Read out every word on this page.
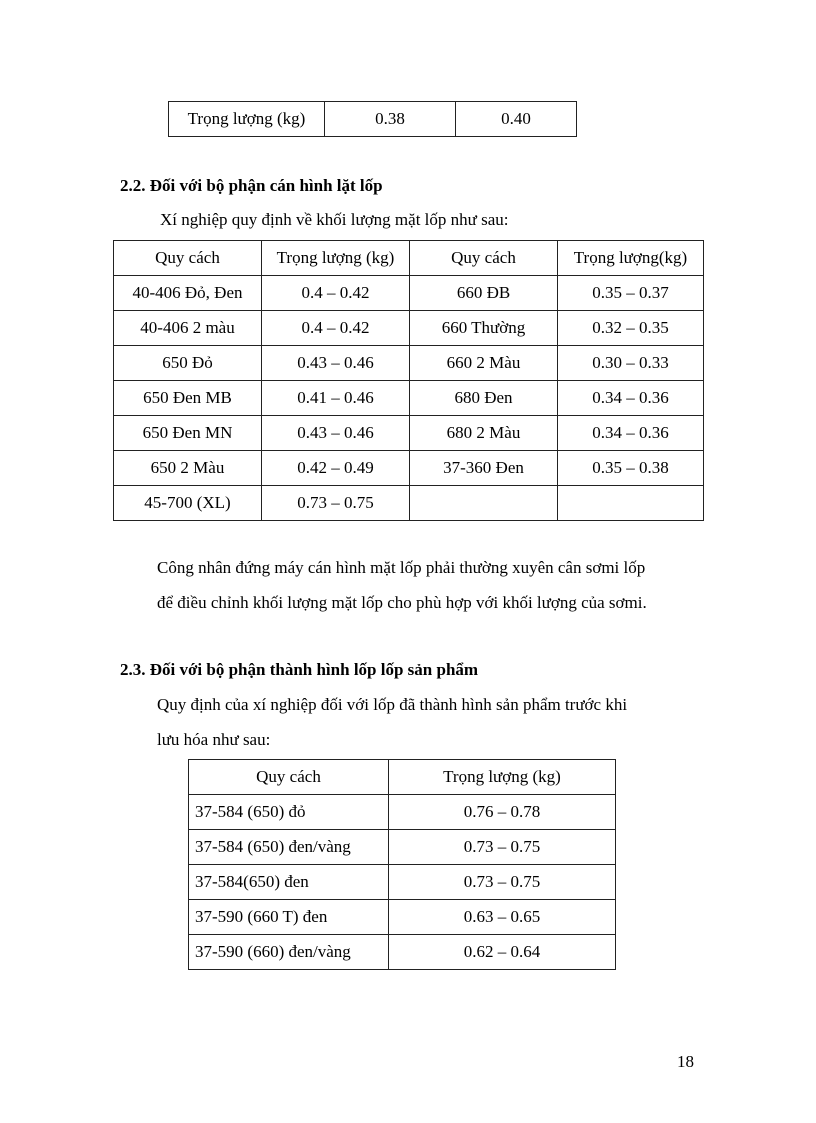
Trọng lượng (kg)	0.38	0.40
2.2. Đối với bộ phận cán hình lặt lốp

Xí nghiệp quy định về khối lượng mặt lốp như sau:

Quy cách	Trọng lượng (kg)	Quy cách	Trọng lượng(kg)
40-406 Đỏ, Đen	0.4 – 0.42	660 ĐB	0.35 – 0.37
40-406 2 màu	0.4 – 0.42	660 Thường	0.32 – 0.35
650 Đỏ	0.43 – 0.46	660 2 Màu	0.30 – 0.33
650 Đen MB	0.41 – 0.46	680 Đen	0.34 – 0.36
650 Đen MN	0.43 – 0.46	680 2 Màu	0.34 – 0.36
650 2 Màu	0.42 – 0.49	37-360 Đen	0.35 – 0.38
45-700 (XL)	0.73 – 0.75		

Công nhân đứng máy cán hình mặt lốp phải thường xuyên cân sơmi lốp

để điều chỉnh khối lượng mặt lốp cho phù hợp với khối lượng của sơmi.

2.3. Đối với bộ phận thành hình lốp lốp sản phẩm

Quy định của xí nghiệp đối với lốp đã thành hình sản phẩm trước khi

lưu hóa như sau:

Quy cách	Trọng lượng (kg)
37-584 (650) đỏ	0.76 – 0.78
37-584 (650) đen/vàng	0.73 – 0.75
37-584(650) đen	0.73 – 0.75
37-590 (660 T) đen	0.63 – 0.65
37-590 (660) đen/vàng	0.62 – 0.64
18
